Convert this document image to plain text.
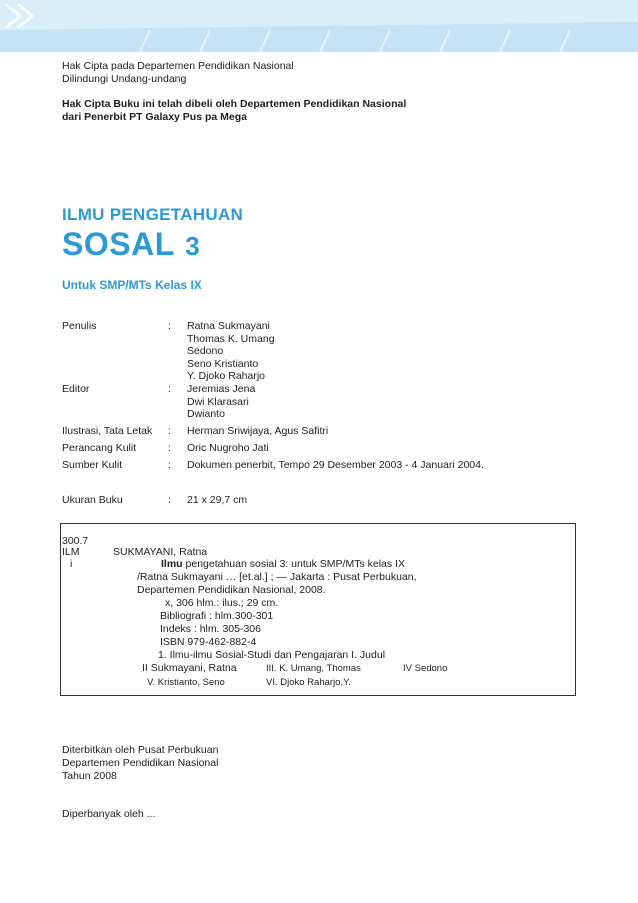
Hak Cipta pada Departemen Pendidikan Nasional
Dilindungi Undang-undang
Hak Cipta Buku ini telah dibeli oleh Departemen Pendidikan Nasional
dari Penerbit PT Galaxy Pus pa Mega
ILMU PENGETAHUAN
SOSAL 3
Untuk SMP/MTs Kelas IX
Penulis	: Ratna Sukmayani
Thomas K. Umang
Sedono
Seno Kristianto
Y. Djoko Raharjo
Editor	: Jeremias Jena
Dwi Klarasari
Dwianto
Ilustrasi, Tata Letak : Herman Sriwijaya, Agus Safitri
Perancang Kulit	: Oric Nugroho Jati
Sumber Kulit	: Dokumen penerbit, Tempo 29 Desember 2003 - 4 Januari 2004.
Ukuran Buku	: 21 x 29,7 cm
300.7
ILM	SUKMAYANI, Ratna
i	Ilmu pengetahuan sosial 3: untuk SMP/MTs kelas IX
/Ratna Sukmayani … [et.al.] ; — Jakarta : Pusat Perbukuan,
Departemen Pendidikan Nasional, 2008.
x, 306 hlm.: ilus.; 29 cm.
Bibliografi : hlm.300-301
Indeks : hlm. 305-306
ISBN 979-462-882-4
1. Ilmu-ilmu Sosial-Studi dan Pengajaran I. Judul
II Sukmayani, Ratna	III. K. Umang, Thomas	IV Sedono
V. Kristianto, Seno	VI. Djoko Raharjo,Y.
Diterbitkan oleh Pusat Perbukuan
Departemen Pendidikan Nasional
Tahun 2008
Diperbanyak oleh ...
